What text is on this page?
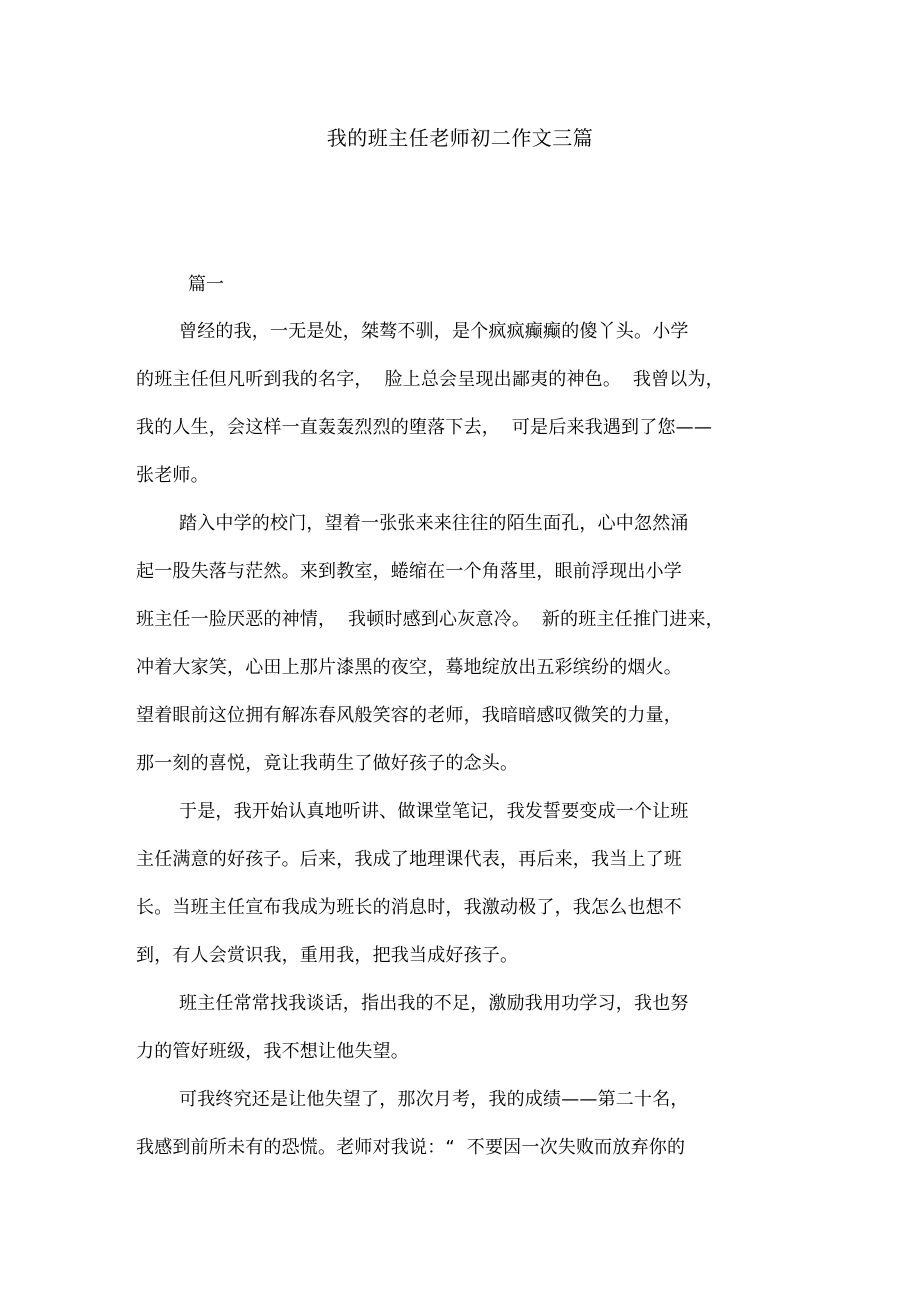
我的班主任老师初二作文三篇
篇一
曾经的我，一无是处，桀骜不驯，是个疯疯癫癫的傻丫头。小学
的班主任但凡听到我的名字，  脸上总会呈现出鄙夷的神色。  我曾以为，
我的人生，会这样一直轰轰烈烈的堕落下去，  可是后来我遇到了您——
张老师。
踏入中学的校门，望着一张张来来往往的陌生面孔，心中忽然涌
起一股失落与茫然。来到教室，蜷缩在一个角落里，眼前浮现出小学
班主任一脸厌恶的神情，  我顿时感到心灰意冷。  新的班主任推门进来，
冲着大家笑，心田上那片漆黑的夜空，蓦地绽放出五彩缤纷的烟火。
望着眼前这位拥有解冻春风般笑容的老师，我暗暗感叹微笑的力量，
那一刻的喜悦，竟让我萌生了做好孩子的念头。
于是，我开始认真地听讲、做课堂笔记，我发誓要变成一个让班
主任满意的好孩子。后来，我成了地理课代表，再后来，我当上了班
长。当班主任宣布我成为班长的消息时，我激动极了，我怎么也想不
到，有人会赏识我，重用我，把我当成好孩子。
班主任常常找我谈话，指出我的不足，激励我用功学习，我也努
力的管好班级，我不想让他失望。
可我终究还是让他失望了，那次月考，我的成绩——第二十名，
我感到前所未有的恐慌。老师对我说：“  不要因一次失败而放弃你的
